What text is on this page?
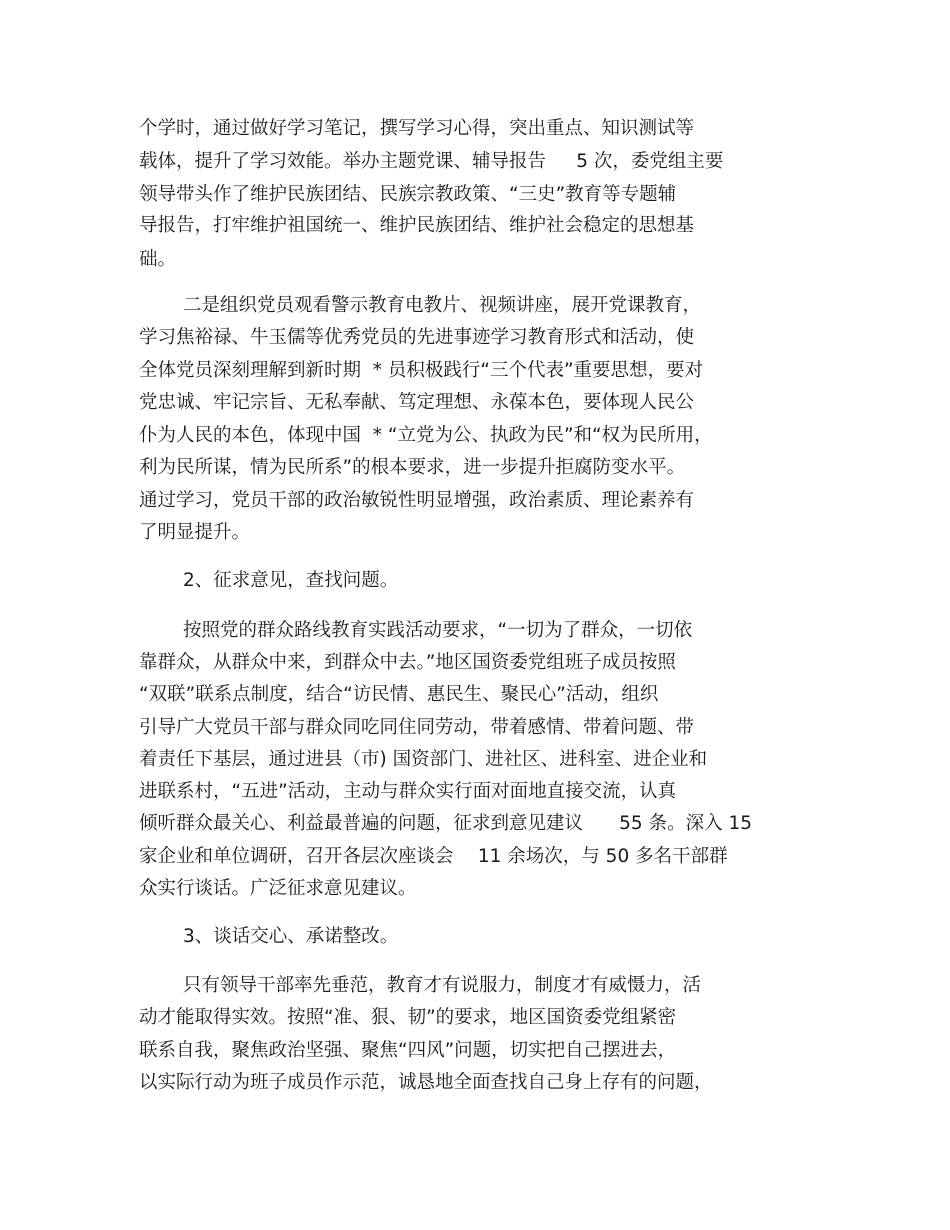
个学时，通过做好学习笔记，撰写学习心得，突出重点、知识测试等

载体，提升了学习效能。举办主题党课、辅导报告　  5 次，委党组主要

领导带头作了维护民族团结、民族宗教政策、“三史”教育等专题辅

导报告，打牢维护祖国统一、维护民族团结、维护社会稳定的思想基

础。

二是组织党员观看警示教育电教片、视频讲座，展开党课教育，

学习焦裕禄、牛玉儒等优秀党员的先进事迹学习教育形式和活动，使

全体党员深刻理解到新时期  * 员积极践行“三个代表”重要思想，要对

党忠诚、牢记宗旨、无私奉献、笃定理想、永葆本色，要体现人民公

仆为人民的本色，体现中国  * “立党为公、执政为民”和“权为民所用，

利为民所谋，情为民所系”的根本要求，进一步提升拒腐防变水平。

通过学习，党员干部的政治敏锐性明显增强，政治素质、理论素养有

了明显提升。

2、征求意见，查找问题。

按照党的群众路线教育实践活动要求，“一切为了群众，一切依

靠群众，从群众中来，到群众中去。”地区国资委党组班子成员按照

“双联”联系点制度，结合“访民情、惠民生、聚民心”活动，组织

引导广大党员干部与群众同吃同住同劳动，带着感情、带着问题、带

着责任下基层，通过进县（市) 国资部门、进社区、进科室、进企业和

进联系村，“五进”活动，主动与群众实行面对面地直接交流，认真

倾听群众最关心、利益最普遍的问题，征求到意见建议　   55 条。深入 15

家企业和单位调研，召开各层次座谈会　 11 余场次，与 50 多名干部群

众实行谈话。广泛征求意见建议。

3、谈话交心、承诺整改。

只有领导干部率先垂范，教育才有说服力，制度才有威慑力，活

动才能取得实效。按照“准、狠、韧”的要求，地区国资委党组紧密

联系自我，聚焦政治坚强、聚焦“四风”问题，切实把自己摆进去，

以实际行动为班子成员作示范，诚恳地全面查找自己身上存有的问题，
